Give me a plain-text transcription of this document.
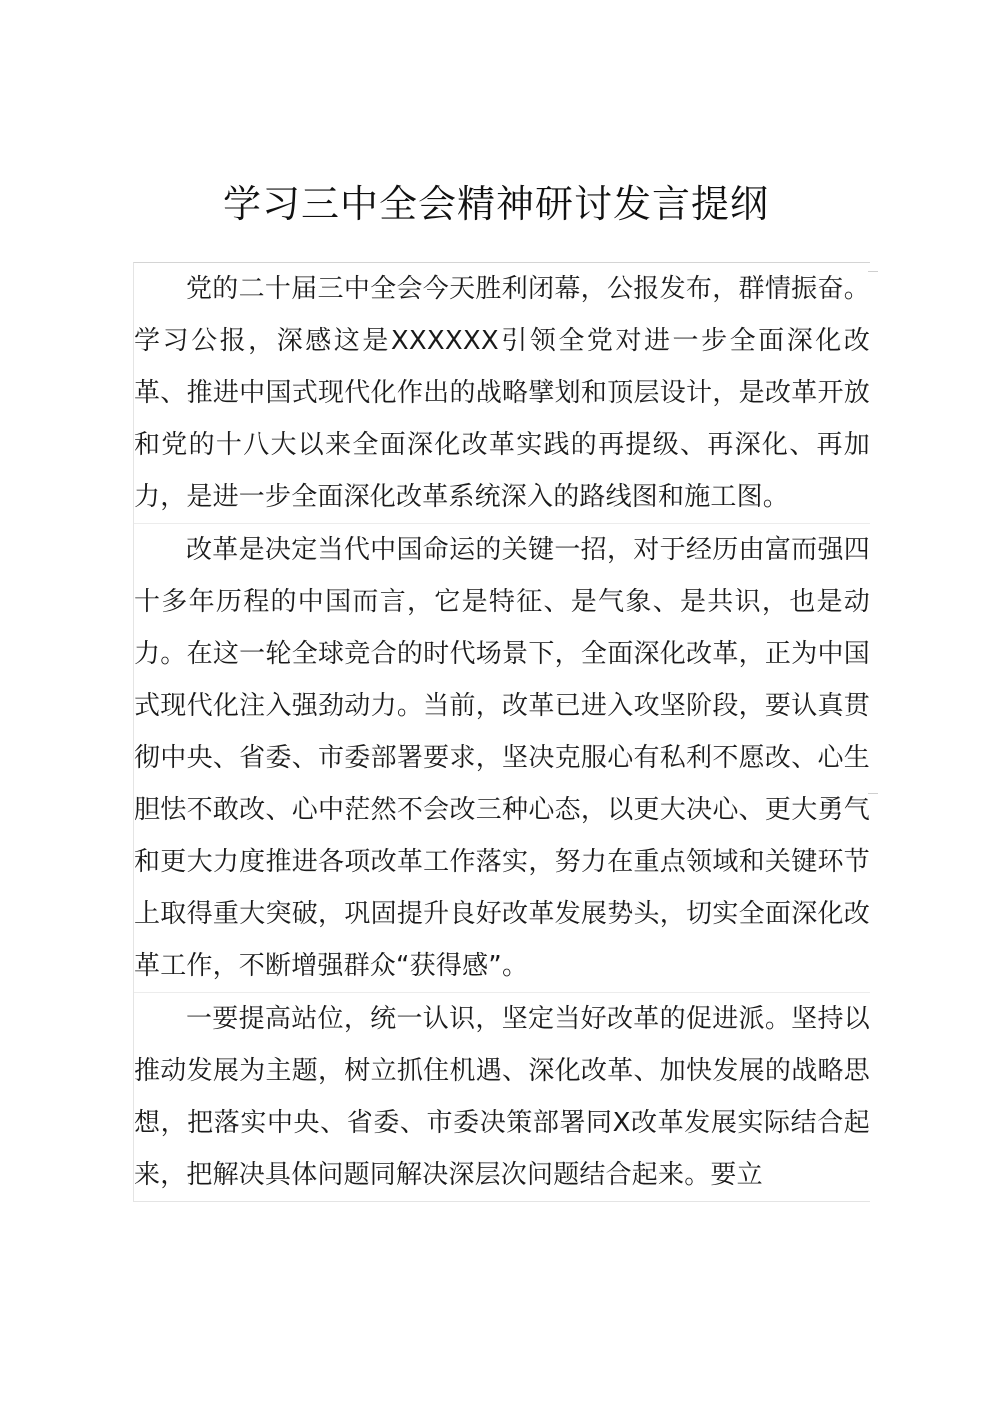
学习三中全会精神研讨发言提纲

党的二十届三中全会今天胜利闭幕，公报发布，群情振奋。学习公报，深感这是XXXXXX引领全党对进一步全面深化改革、推进中国式现代化作出的战略擘划和顶层设计，是改革开放和党的十八大以来全面深化改革实践的再提级、再深化、再加力，是进一步全面深化改革系统深入的路线图和施工图。

改革是决定当代中国命运的关键一招，对于经历由富而强四十多年历程的中国而言，它是特征、是气象、是共识，也是动力。在这一轮全球竞合的时代场景下，全面深化改革，正为中国式现代化注入强劲动力。当前，改革已进入攻坚阶段，要认真贯彻中央、省委、市委部署要求，坚决克服心有私利不愿改、心生胆怯不敢改、心中茫然不会改三种心态，以更大决心、更大勇气和更大力度推进各项改革工作落实，努力在重点领域和关键环节上取得重大突破，巩固提升良好改革发展势头，切实全面深化改革工作，不断增强群众“获得感”。

一要提高站位，统一认识，坚定当好改革的促进派。坚持以推动发展为主题，树立抓住机遇、深化改革、加快发展的战略思想，把落实中央、省委、市委决策部署同X改革发展实际结合起来，把解决具体问题同解决深层次问题结合起来。要立
